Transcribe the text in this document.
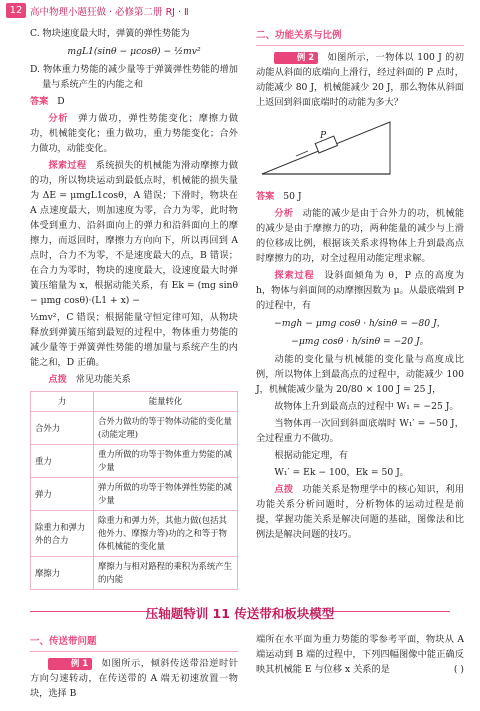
12 高中物理小题狂做 · 必修第二册 RJ · Ⅱ

C. 物块速度最大时，弹簧的弹性势能为

mgL1(sinθ − μcosθ) − ½mv²

D. 物体重力势能的减少量等于弹簧弹性势能的增加量与系统产生的内能之和

答案 D

分析 弹力做功，弹性势能变化；摩擦力做功，机械能变化；重力做功，重力势能变化；合外力做功，动能变化。

探索过程 系统损失的机械能为滑动摩擦力做的功，所以物块运动到最低点时，机械能的损失量为 ΔE = μmgL1cosθ，A 错误；下滑时，物块在 A 点速度最大，则加速度为零，合力为零，此时物体受到重力、沿斜面向上的弹力和沿斜面向上的摩擦力，而返回时，摩擦力方向向下，所以再回到 A 点时，合力不为零，不是速度最大的点，B 错误；在合力为零时，物块的速度最大，设速度最大时弹簧压缩量为 x，根据动能关系，有 Ek = (mg sinθ − μmg cosθ)·(L1 + x) −

½mv²，C 错误；根据能量守恒定律可知，从物块释放到弹簧压缩到最短的过程中，物体重力势能的减少量等于弹簧弹性势能的增加量与系统产生的内能之和，D 正确。

点拨 常见功能关系

力	能量转化
合外力	合外力做功的等于物体动能的变化量(动能定理)
重力	重力所做的功等于物体重力势能的减少量
弹力	弹力所做的功等于物体弹性势能的减少量
除重力和弹力外的合力	除重力和弹力外，其他力做(包括其他外力、摩擦力等)功的之和等于物体机械能的变化量
摩擦力	摩擦力与相对路程的乘积为系统产生的内能
二、功能关系与比例

例 2 如图所示，一物体以 100 J 的初动能从斜面的底端向上滑行，经过斜面的 P 点时，动能减少 80 J，机械能减少 20 J，那么物体从斜面上返回到斜面底端时的动能为多大？

P

答案 50 J

分析 动能的减少是由于合外力的功，机械能的减少是由于摩擦力的功，两种能量的减少与上滑的位移成比例，根据该关系求得物体上升到最高点时摩擦力的功，对全过程用动能定理求解。

探索过程 设斜面倾角为 θ，P 点的高度为 h，物体与斜面间的动摩擦因数为 μ。从最底端到 P 的过程中，有

−mgh − μmg cosθ · h/sinθ = −80 J，

−μmg cosθ · h/sinθ = −20 J。

动能的变化量与机械能的变化量与高度成比例，所以物体上到最高点的过程中，动能减少 100 J，机械能减少量为 20/80 × 100 J = 25 J，

故物体上升到最高点的过程中 W₁ = −25 J。

当物体再一次回到斜面底端时 W₁′ = −50 J，全过程重力不做功。

根据动能定理，有

W₁′ = Ek − 100，Ek = 50 J。

点拨 功能关系是物理学中的核心知识，利用功能关系分析问题时，分析物体的运动过程是前提，掌握功能关系是解决问题的基础，图像法和比例法是解决问题的技巧。

压轴题特训 11 传送带和板块模型
一、传送带问题

例 1 如图所示，倾斜传送带沿逆时针方向匀速转动，在传送带的 A 端无初速放置一物块，选择 B

端所在水平面为重力势能的零参考平面，物块从 A 端运动到 B 端的过程中，下列四幅图像中能正确反映其机械能 E 与位移 x 关系的是	( )
